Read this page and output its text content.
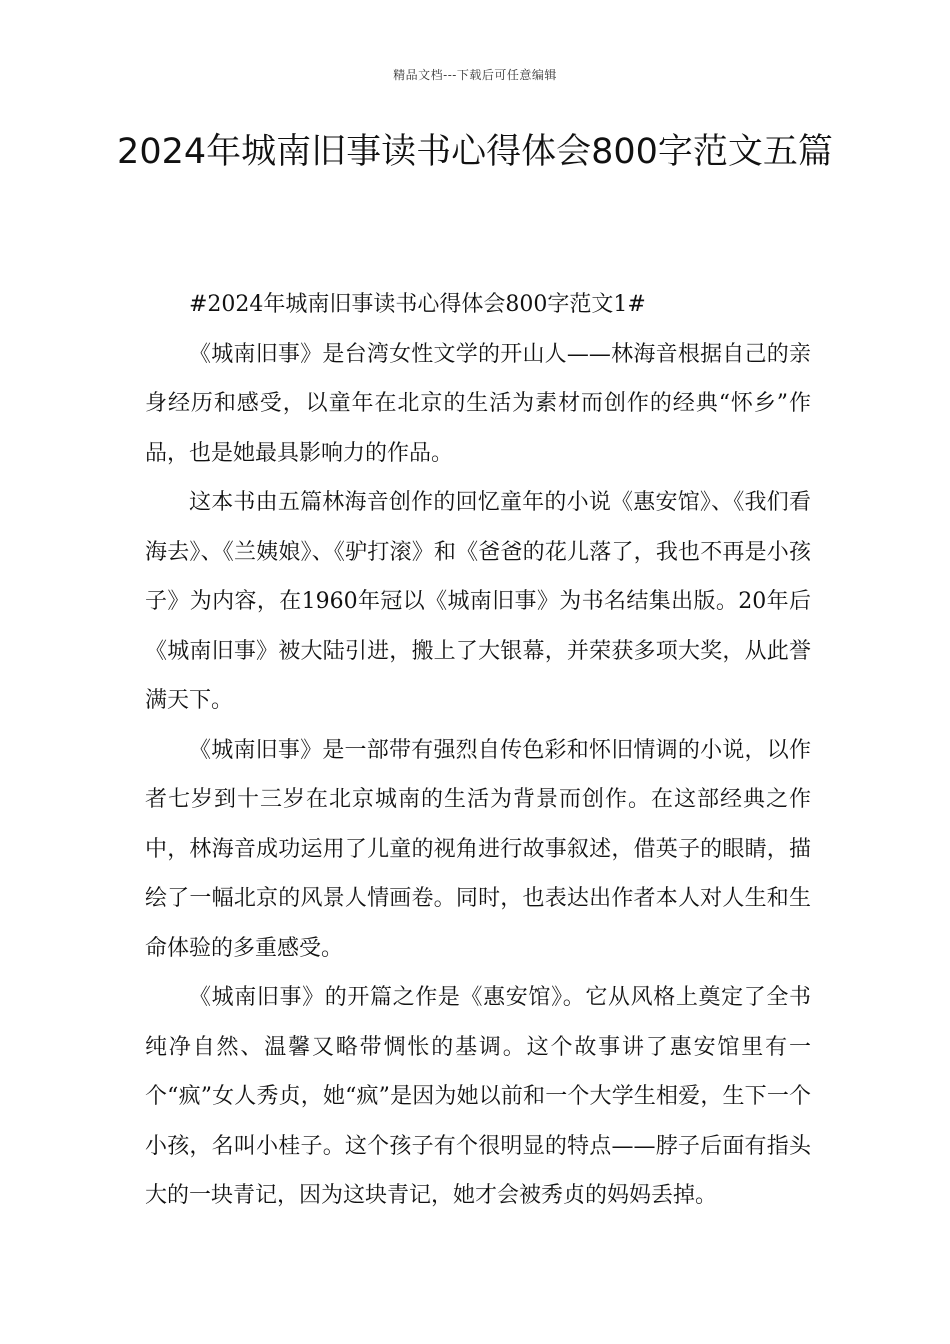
精品文档---下载后可任意编辑
2024年城南旧事读书心得体会800字范文五篇

#2024年城南旧事读书心得体会800字范文1#

《城南旧事》是台湾女性文学的开山人——林海音根据自己的亲身经历和感受，以童年在北京的生活为素材而创作的经典“怀乡”作品，也是她最具影响力的作品。

这本书由五篇林海音创作的回忆童年的小说《惠安馆》、《我们看海去》、《兰姨娘》、《驴打滚》和《爸爸的花儿落了，我也不再是小孩子》为内容，在1960年冠以《城南旧事》为书名结集出版。20年后《城南旧事》被大陆引进，搬上了大银幕，并荣获多项大奖，从此誉满天下。

《城南旧事》是一部带有强烈自传色彩和怀旧情调的小说，以作者七岁到十三岁在北京城南的生活为背景而创作。在这部经典之作中，林海音成功运用了儿童的视角进行故事叙述，借英子的眼睛，描绘了一幅北京的风景人情画卷。同时，也表达出作者本人对人生和生命体验的多重感受。

《城南旧事》的开篇之作是《惠安馆》。它从风格上奠定了全书纯净自然、温馨又略带惆怅的基调。这个故事讲了惠安馆里有一个“疯”女人秀贞，她“疯”是因为她以前和一个大学生相爱，生下一个小孩，名叫小桂子。这个孩子有个很明显的特点——脖子后面有指头大的一块青记，因为这块青记，她才会被秀贞的妈妈丢掉。
